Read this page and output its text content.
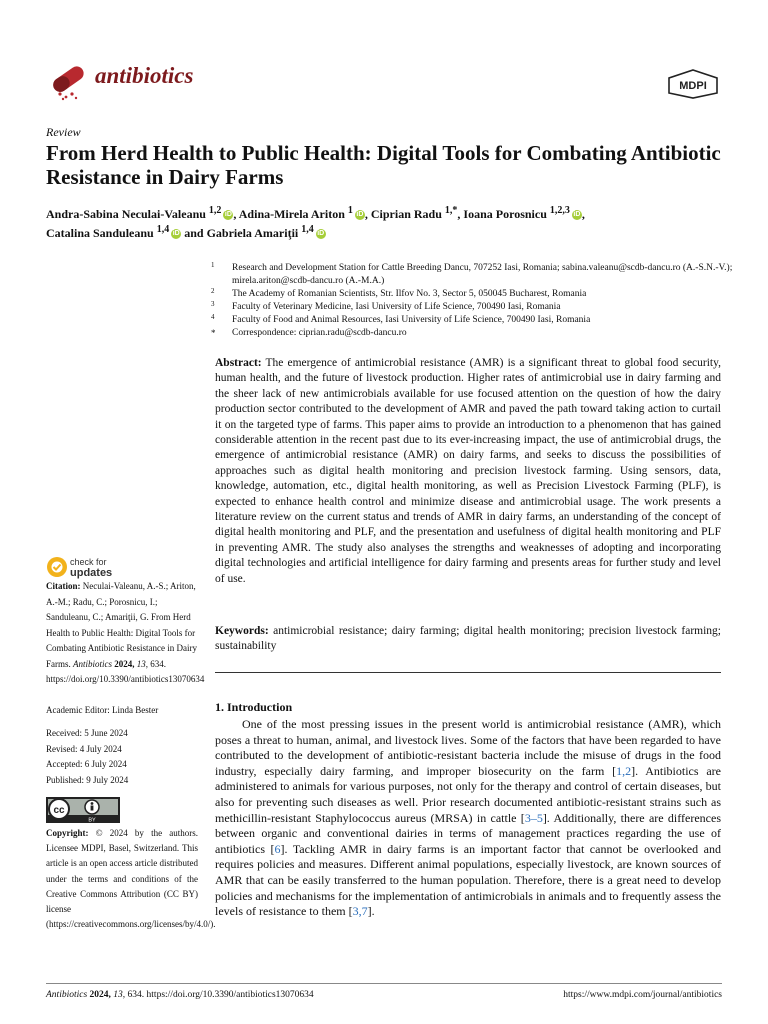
antibiotics	MDPI
Review
From Herd Health to Public Health: Digital Tools for Combating Antibiotic Resistance in Dairy Farms
Andra-Sabina Neculai-Valeanu $^{1,2}$ iD , Adina-Mirela Ariton $^1$ iD , Ciprian Radu $^{1,*}$, Ioana Porosnicu $^{1,2,3}$ iD ,
Catalina Sanduleanu $^{1,4}$ iD and Gabriela Amariţii $^{1,4}$ iD
1 Research and Development Station for Cattle Breeding Dancu, 707252 Iasi, Romania; sabina.valeanu@scdb-dancu.ro (A.-S.N.-V.); mirela.ariton@scdb-dancu.ro (A.-M.A.)
2 The Academy of Romanian Scientists, Str. Ilfov No. 3, Sector 5, 050045 Bucharest, Romania
3 Faculty of Veterinary Medicine, Iasi University of Life Science, 700490 Iasi, Romania
4 Faculty of Food and Animal Resources, Iasi University of Life Science, 700490 Iasi, Romania
* Correspondence: ciprian.radu@scdb-dancu.ro
Abstract: The emergence of antimicrobial resistance (AMR) is a significant threat to global food security, human health, and the future of livestock production. Higher rates of antimicrobial use in dairy farming and the sheer lack of new antimicrobials available for use focused attention on the question of how the dairy production sector contributed to the development of AMR and paved the path toward taking action to curtail it on the targeted type of farms. This paper aims to provide an introduction to a phenomenon that has gained considerable attention in the recent past due to its ever-increasing impact, the use of antimicrobial drugs, the emergence of antimicrobial resistance (AMR) on dairy farms, and seeks to discuss the possibilities of approaches such as digital health monitoring and precision livestock farming. Using sensors, data, knowledge, automation, etc., digital health monitoring, as well as Precision Livestock Farming (PLF), is expected to enhance health control and minimize disease and antimicrobial usage. The work presents a literature review on the current status and trends of AMR in dairy farms, an understanding of the concept of digital health monitoring and PLF, and the presentation and usefulness of digital health monitoring and PLF in preventing AMR. The study also analyses the strengths and weaknesses of adopting and incorporating digital technologies and artificial intelligence for dairy farming and presents areas for further study and level of use.
Keywords: antimicrobial resistance; dairy farming; digital health monitoring; precision livestock farming; sustainability
1. Introduction
One of the most pressing issues in the present world is antimicrobial resistance (AMR), which poses a threat to human, animal, and livestock lives. Some of the factors that have been regarded to have contributed to the development of antibiotic-resistant bacteria include the misuse of drugs in the food industry, especially dairy farming, and improper biosecurity on the farm [1,2]. Antibiotics are administered to animals for various purposes, not only for the therapy and control of certain diseases, but also for preventing such diseases as well. Prior research documented antibiotic-resistant strains such as methicillin-resistant Staphylococcus aureus (MRSA) in cattle [3–5]. Additionally, there are differences between organic and conventional dairies in terms of management practices regarding the use of antibiotics [6]. Tackling AMR in dairy farms is an important factor that cannot be overlooked and requires policies and measures. Different animal populations, especially livestock, are known sources of AMR that can be easily transferred to the human population. Therefore, there is a great need to develop policies and mechanisms for the implementation of antimicrobials in animals and to frequently assess the levels of resistance to them [3,7].
check for
updates
Citation: Neculai-Valeanu, A.-S.; Ariton, A.-M.; Radu, C.; Porosnicu, I.; Sanduleanu, C.; Amariţii, G. From Herd Health to Public Health: Digital Tools for Combating Antibiotic Resistance in Dairy Farms. Antibiotics 2024, 13, 634. https://doi.org/10.3390/antibiotics13070634
Academic Editor: Linda Bester
Received: 5 June 2024
Revised: 4 July 2024
Accepted: 6 July 2024
Published: 9 July 2024
cc
BY
Copyright: © 2024 by the authors. Licensee MDPI, Basel, Switzerland. This article is an open access article distributed under the terms and conditions of the Creative Commons Attribution (CC BY) license (https://creativecommons.org/licenses/by/4.0/).
Antibiotics 2024, 13, 634. https://doi.org/10.3390/antibiotics13070634	https://www.mdpi.com/journal/antibiotics
